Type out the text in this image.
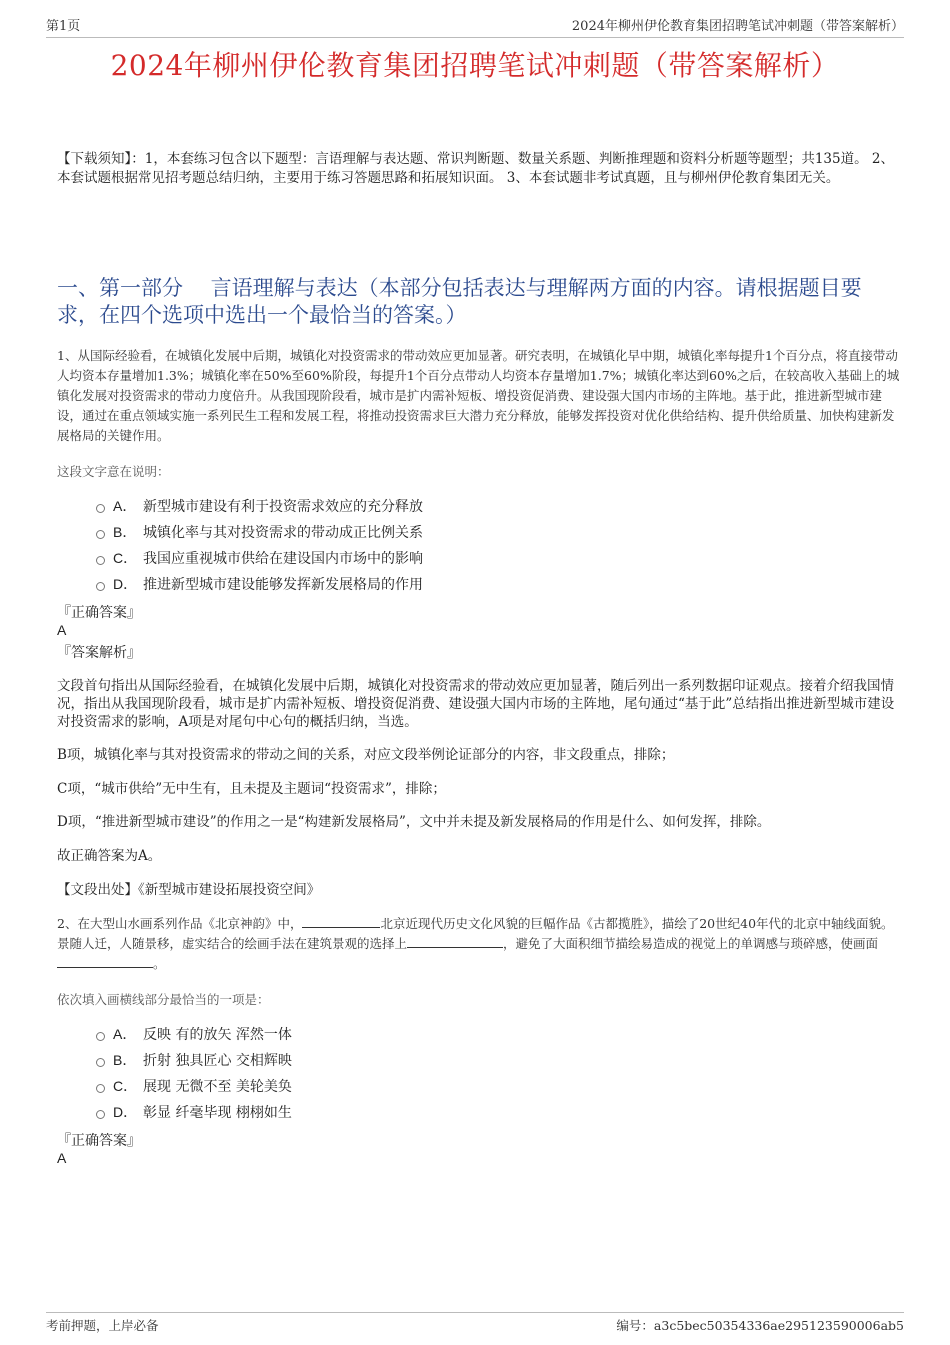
第1页	2024年柳州伊伦教育集团招聘笔试冲刺题（带答案解析）
2024年柳州伊伦教育集团招聘笔试冲刺题（带答案解析）
【下载须知】：1，本套练习包含以下题型：言语理解与表达题、常识判断题、数量关系题、判断推理题和资料分析题等题型；共135道。 2、本套试题根据常见招考题总结归纳，主要用于练习答题思路和拓展知识面。 3、本套试题非考试真题，且与柳州伊伦教育集团无关。
一、第一部分　 言语理解与表达（本部分包括表达与理解两方面的内容。请根据题目要求，在四个选项中选出一个最恰当的答案。）
1、从国际经验看，在城镇化发展中后期，城镇化对投资需求的带动效应更加显著。研究表明，在城镇化早中期，城镇化率每提升1个百分点，将直接带动人均资本存量增加1.3%；城镇化率在50%至60%阶段，每提升1个百分点带动人均资本存量增加1.7%；城镇化率达到60%之后，在较高收入基础上的城镇化发展对投资需求的带动力度倍升。从我国现阶段看，城市是扩内需补短板、增投资促消费、建设强大国内市场的主阵地。基于此，推进新型城市建设，通过在重点领域实施一系列民生工程和发展工程，将推动投资需求巨大潜力充分释放，能够发挥投资对优化供给结构、提升供给质量、加快构建新发展格局的关键作用。
这段文字意在说明：
A． 新型城市建设有利于投资需求效应的充分释放
B． 城镇化率与其对投资需求的带动成正比例关系
C． 我国应重视城市供给在建设国内市场中的影响
D． 推进新型城市建设能够发挥新发展格局的作用
『正确答案』
A
『答案解析』
文段首句指出从国际经验看，在城镇化发展中后期，城镇化对投资需求的带动效应更加显著，随后列出一系列数据印证观点。接着介绍我国情况，指出从我国现阶段看，城市是扩内需补短板、增投资促消费、建设强大国内市场的主阵地，尾句通过“基于此”总结指出推进新型城市建设对投资需求的影响，A项是对尾句中心句的概括归纳，当选。
B项，城镇化率与其对投资需求的带动之间的关系，对应文段举例论证部分的内容，非文段重点，排除；
C项，“城市供给”无中生有，且未提及主题词“投资需求”，排除；
D项，“推进新型城市建设”的作用之一是“构建新发展格局”，文中并未提及新发展格局的作用是什么、如何发挥，排除。
故正确答案为A。
【文段出处】《新型城市建设拓展投资空间》
2、在大型山水画系列作品《北京神韵》中，	北京近现代历史文化风貌的巨幅作品《古都揽胜》，描绘了20世纪40年代的北京中轴线面貌。景随人迁，人随景移，虚实结合的绘画手法在建筑景观的选择上	，避免了大面积细节描绘易造成的视觉上的单调感与琐碎感，使画面。
依次填入画横线部分最恰当的一项是：
A． 反映 有的放矢 浑然一体
B． 折射 独具匠心 交相辉映
C． 展现 无微不至 美轮美奂
D． 彰显 纤毫毕现 栩栩如生
『正确答案』
A
考前押题，上岸必备	编号：a3c5bec50354336ae295123590006ab5
